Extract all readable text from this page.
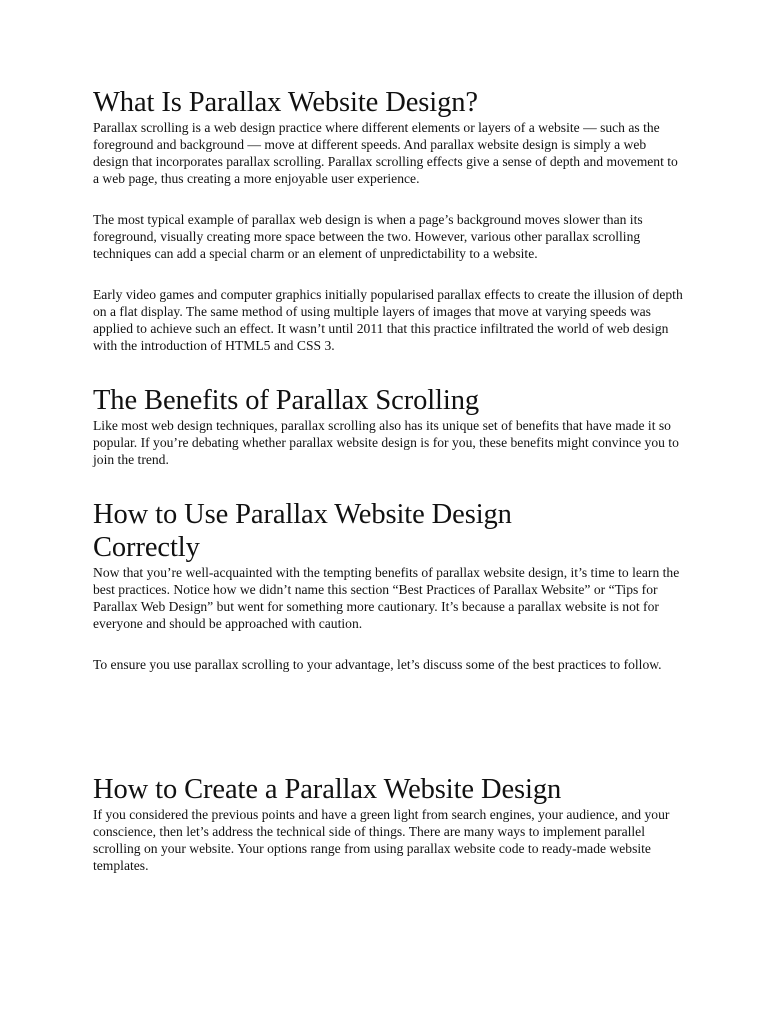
What Is Parallax Website Design?

Parallax scrolling is a web design practice where different elements or layers of a website — such as the foreground and background — move at different speeds. And parallax website design is simply a web design that incorporates parallax scrolling. Parallax scrolling effects give a sense of depth and movement to a web page, thus creating a more enjoyable user experience.

The most typical example of parallax web design is when a page’s background moves slower than its foreground, visually creating more space between the two. However, various other parallax scrolling techniques can add a special charm or an element of unpredictability to a website.

Early video games and computer graphics initially popularised parallax effects to create the illusion of depth on a flat display. The same method of using multiple layers of images that move at varying speeds was applied to achieve such an effect. It wasn’t until 2011 that this practice infiltrated the world of web design with the introduction of HTML5 and CSS 3.

The Benefits of Parallax Scrolling

Like most web design techniques, parallax scrolling also has its unique set of benefits that have made it so popular. If you’re debating whether parallax website design is for you, these benefits might convince you to join the trend.

How to Use Parallax Website Design Correctly

Now that you’re well-acquainted with the tempting benefits of parallax website design, it’s time to learn the best practices. Notice how we didn’t name this section “Best Practices of Parallax Website” or “Tips for Parallax Web Design” but went for something more cautionary. It’s because a parallax website is not for everyone and should be approached with caution.

To ensure you use parallax scrolling to your advantage, let’s discuss some of the best practices to follow.

How to Create a Parallax Website Design

If you considered the previous points and have a green light from search engines, your audience, and your conscience, then let’s address the technical side of things. There are many ways to implement parallel scrolling on your website. Your options range from using parallax website code to ready-made website templates.
